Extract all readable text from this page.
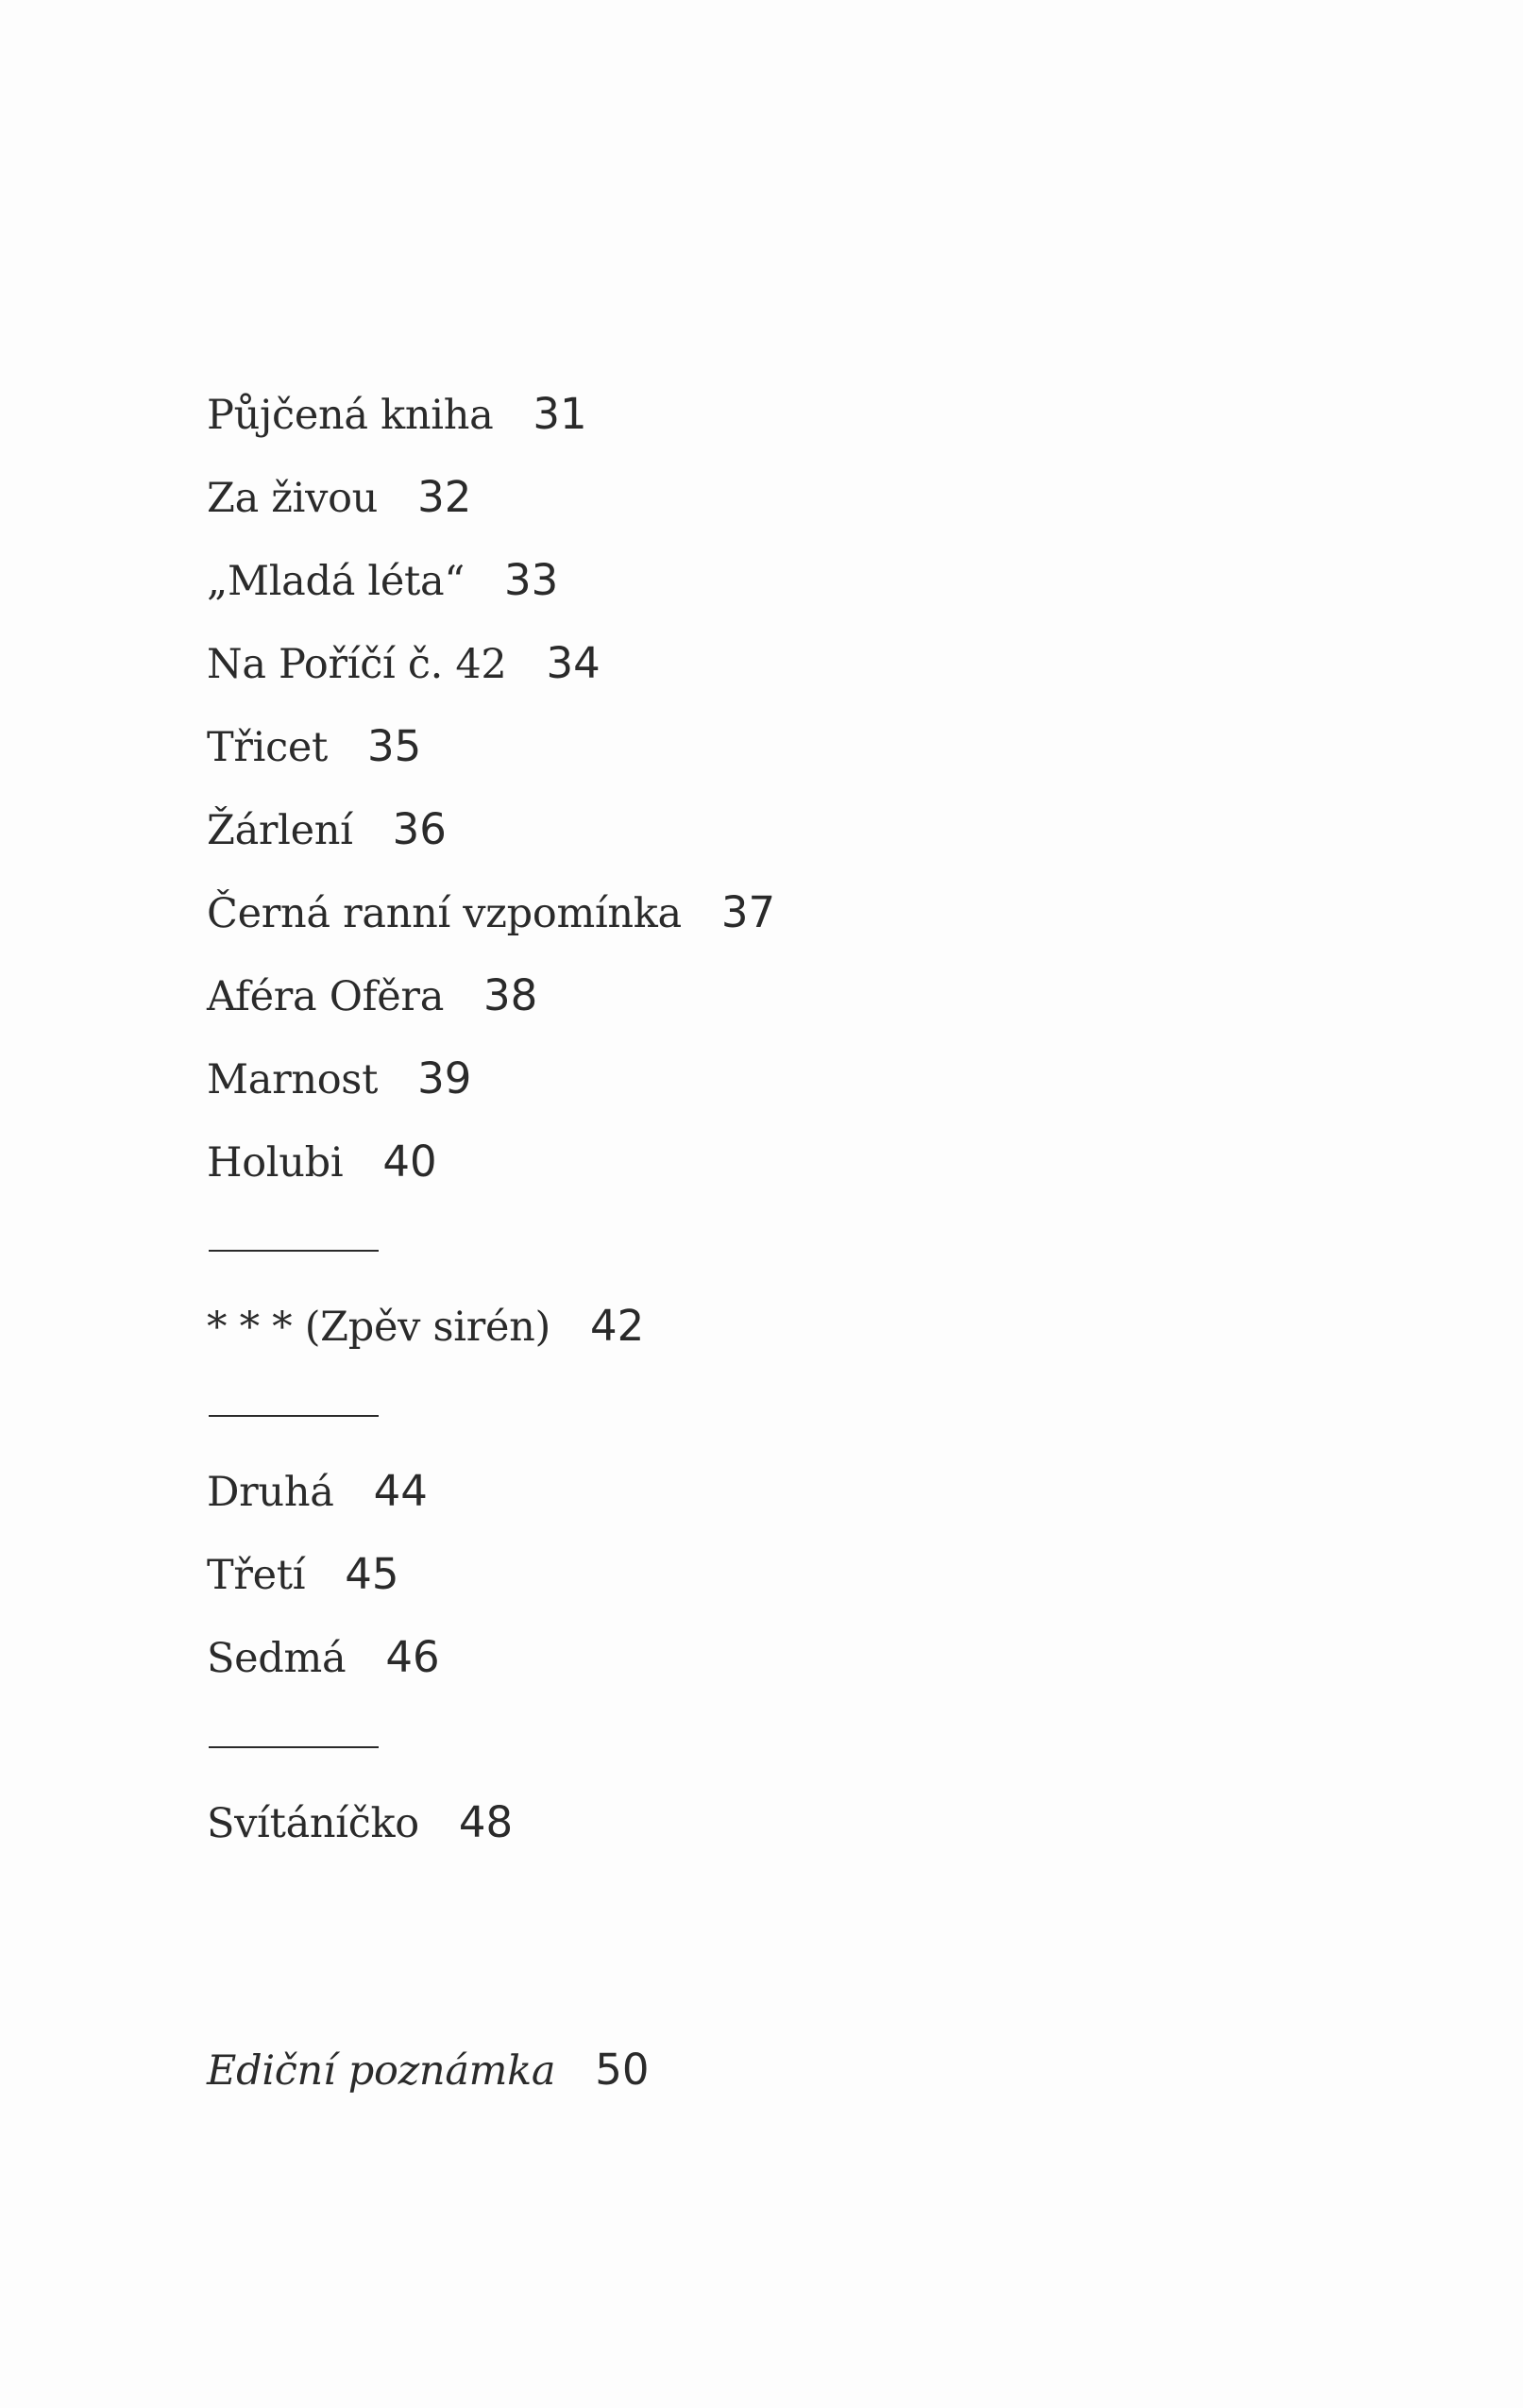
Půjčená kniha 31
Za živou 32
„Mladá léta“ 33
Na Poříčí č. 42 34
Třicet 35
Žárlení 36
Černá ranní vzpomínka 37
Aféra Ofěra 38
Marnost 39
Holubi 40
* * * (Zpěv sirén) 42
Druhá 44
Třetí 45
Sedmá 46
Svítáníčko 48
Ediční poznámka 50
